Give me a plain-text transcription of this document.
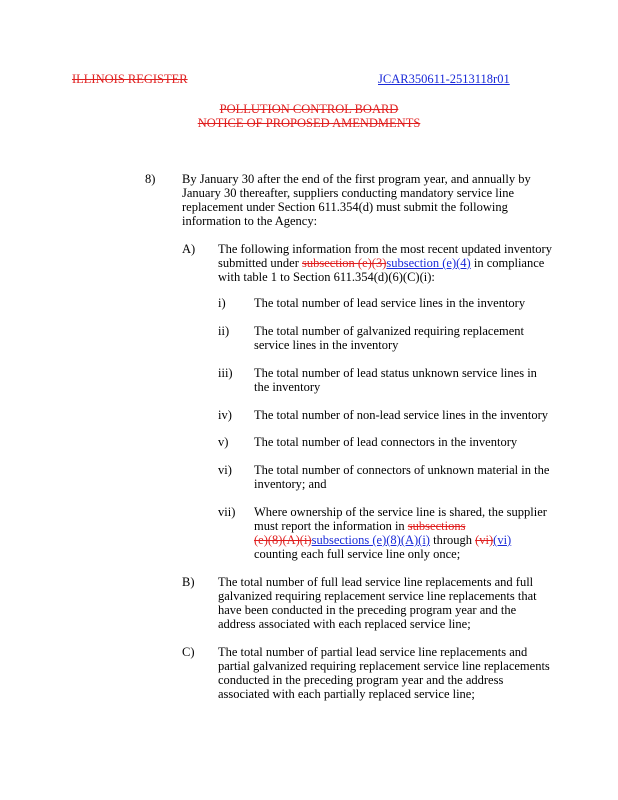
ILLINOIS REGISTER	JCAR350611-2513118r01
POLLUTION CONTROL BOARD
NOTICE OF PROPOSED AMENDMENTS
8) By January 30 after the end of the first program year, and annually by
January 30 thereafter, suppliers conducting mandatory service line
replacement under Section 611.354(d) must submit the following
information to the Agency:
A) The following information from the most recent updated inventory
submitted under subsection (e)(3)subsection (e)(4) in compliance
with table 1 to Section 611.354(d)(6)(C)(i):
i) The total number of lead service lines in the inventory
ii) The total number of galvanized requiring replacement
service lines in the inventory
iii) The total number of lead status unknown service lines in
the inventory
iv) The total number of non-lead service lines in the inventory
v) The total number of lead connectors in the inventory
vi) The total number of connectors of unknown material in the
inventory; and
vii) Where ownership of the service line is shared, the supplier
must report the information in subsections
(e)(8)(A)(i)subsections (e)(8)(A)(i) through (vi)(vi)
counting each full service line only once;
B) The total number of full lead service line replacements and full
galvanized requiring replacement service line replacements that
have been conducted in the preceding program year and the
address associated with each replaced service line;
C) The total number of partial lead service line replacements and
partial galvanized requiring replacement service line replacements
conducted in the preceding program year and the address
associated with each partially replaced service line;
